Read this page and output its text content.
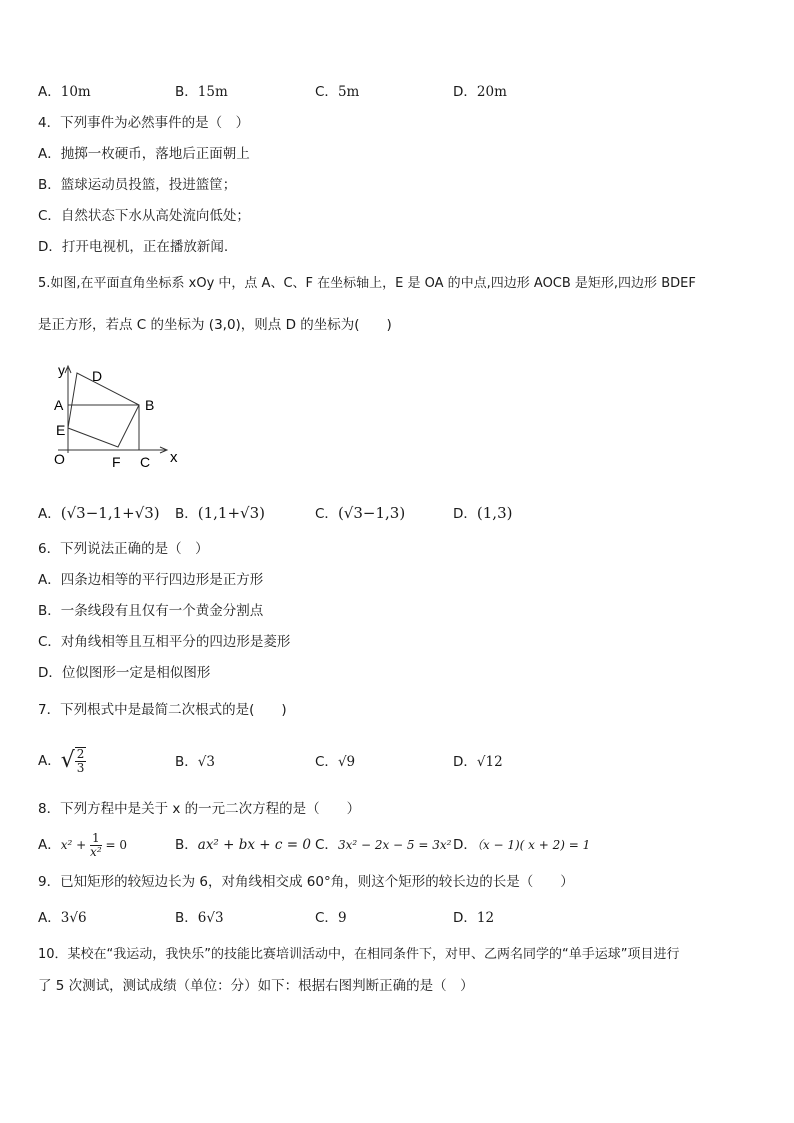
A．10m	B．15m	C．5m	D．20m
4．下列事件为必然事件的是（　）
A．抛掷一枚硬币，落地后正面朝上
B．篮球运动员投篮，投进篮筐；
C．自然状态下水从高处流向低处；
D．打开电视机，正在播放新闻.
5.如图,在平面直角坐标系 xOy 中，点 A、C、F 在坐标轴上，E 是 OA 的中点,四边形 AOCB 是矩形,四边形 BDEF
是正方形，若点 C 的坐标为 (3,0)，则点 D 的坐标为(　　)
y D
A	B
E
O	F C x
A．(√3−1,1+√3) B．(1,1+√3)	C．(√3−1,3)	D．(1,3)
6．下列说法正确的是（　）
A．四条边相等的平行四边形是正方形
B．一条线段有且仅有一个黄金分割点
C．对角线相等且互相平分的四边形是菱形
D．位似图形一定是相似图形
7．下列根式中是最简二次根式的是(　　)
A．√ $\frac{2}{3}$	B．√3	C．√9	D．√12
8．下列方程中是关于 x 的一元二次方程的是（　　）
A．$x^2 + \frac{1}{\text{x²}} = 0$	B．ax² + bx + c = 0 C．3x² − 2x − 5 = 3x² D．（x − 1)( x + 2) = 1
9．已知矩形的较短边长为 6，对角线相交成 60°角，则这个矩形的较长边的长是（　　）
A．3√6	B．6√3	C．9	D．12
10．某校在“我运动，我快乐”的技能比赛培训活动中，在相同条件下，对甲、乙两名同学的“单手运球”项目进行
了 5 次测试，测试成绩（单位：分）如下：根据右图判断正确的是（　）
